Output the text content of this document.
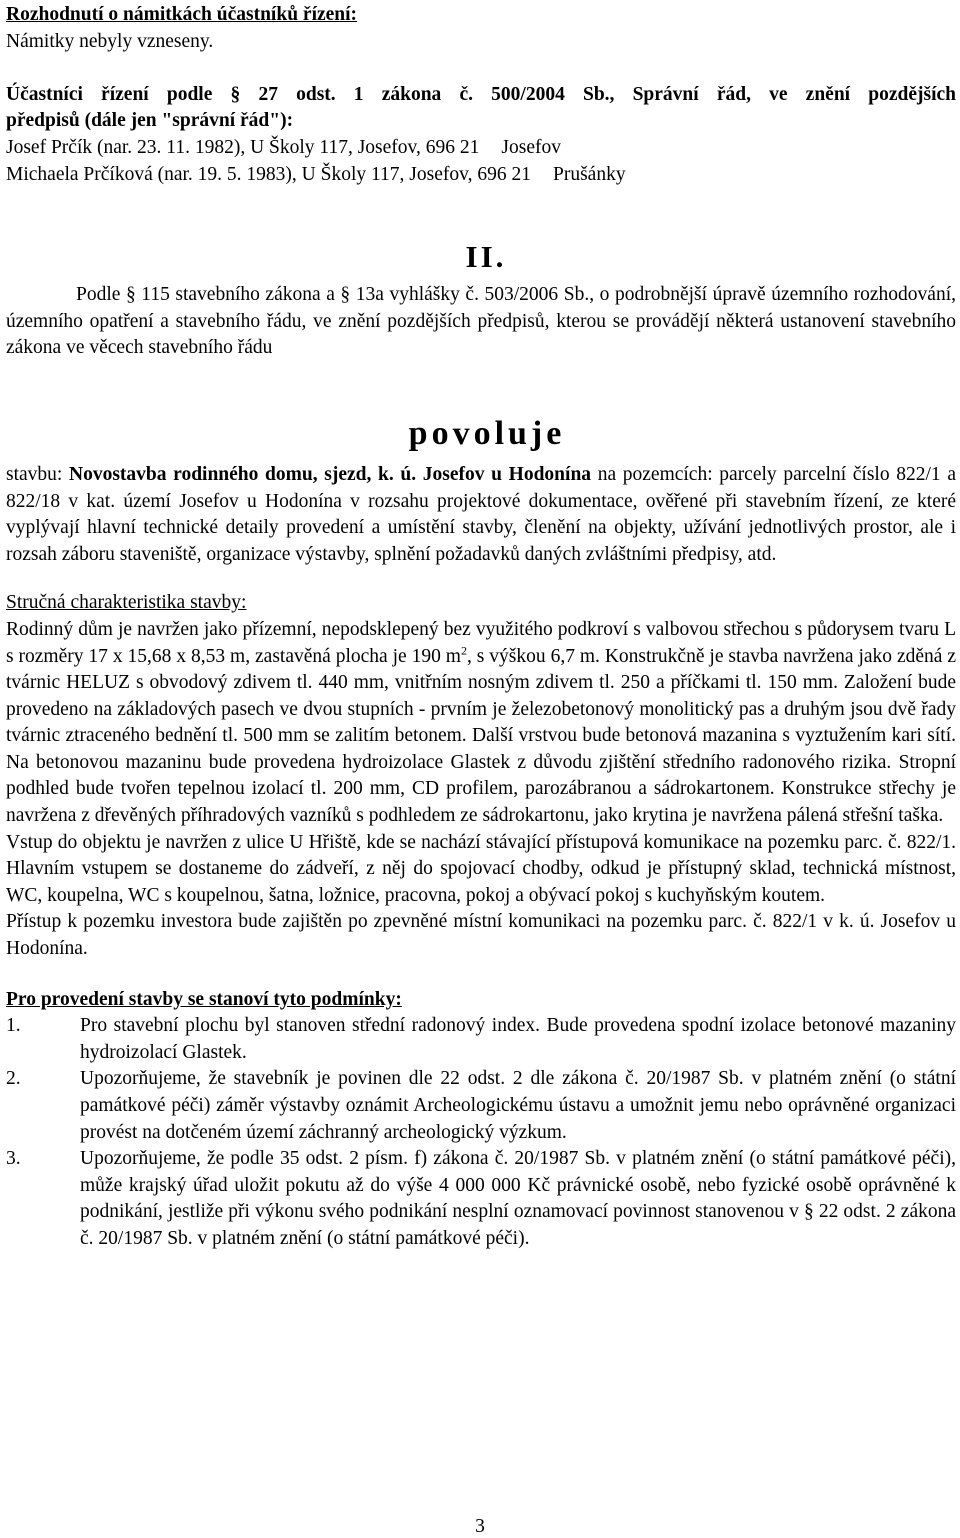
Rozhodnutí o námitkách účastníků řízení:

Námitky nebyly vzneseny.

Účastníci řízení podle § 27 odst. 1 zákona č. 500/2004 Sb., Správní řád, ve znění pozdějších

předpisů (dále jen "správní řád"):

Josef Prčík (nar. 23. 11. 1982), U Školy 117, Josefov, 696 21 Josefov

Michaela Prčíková (nar. 19. 5. 1983), U Školy 117, Josefov, 696 21 Prušánky

II.

Podle § 115 stavebního zákona a § 13a vyhlášky č. 503/2006 Sb., o podrobnější úpravě územního rozhodování, územního opatření a stavebního řádu, ve znění pozdějších předpisů, kterou se provádějí některá ustanovení stavebního zákona ve věcech stavebního řádu

povoluje

stavbu: Novostavba rodinného domu, sjezd, k. ú. Josefov u Hodonína na pozemcích: parcely parcelní číslo 822/1 a 822/18 v kat. území Josefov u Hodonína v rozsahu projektové dokumentace, ověřené při stavebním řízení, ze které vyplývají hlavní technické detaily provedení a umístění stavby, členění na objekty, užívání jednotlivých prostor, ale i rozsah záboru staveniště, organizace výstavby, splnění požadavků daných zvláštními předpisy, atd.

Stručná charakteristika stavby:

Rodinný dům je navržen jako přízemní, nepodsklepený bez využitého podkroví s valbovou střechou s půdorysem tvaru L s rozměry 17 x 15,68 x 8,53 m, zastavěná plocha je 190 $m^2$, s výškou 6,7 m. Konstrukčně je stavba navržena jako zděná z tvárnic HELUZ s obvodový zdivem tl. 440 mm, vnitřním nosným zdivem tl. 250 a příčkami tl. 150 mm. Založení bude provedeno na základových pasech ve dvou stupních - prvním je železobetonový monolitický pas a druhým jsou dvě řady tvárnic ztraceného bednění tl. 500 mm se zalitím betonem. Další vrstvou bude betonová mazanina s vyztužením kari sítí. Na betonovou mazaninu bude provedena hydroizolace Glastek z důvodu zjištění středního radonového rizika. Stropní podhled bude tvořen tepelnou izolací tl. 200 mm, CD profilem, parozábranou a sádrokartonem. Konstrukce střechy je navržena z dřevěných příhradových vazníků s podhledem ze sádrokartonu, jako krytina je navržena pálená střešní taška.

Vstup do objektu je navržen z ulice U Hřiště, kde se nachází stávající přístupová komunikace na pozemku parc. č. 822/1. Hlavním vstupem se dostaneme do zádveří, z něj do spojovací chodby, odkud je přístupný sklad, technická místnost, WC, koupelna, WC s koupelnou, šatna, ložnice, pracovna, pokoj a obývací pokoj s kuchyňským koutem.

Přístup k pozemku investora bude zajištěn po zpevněné místní komunikaci na pozemku parc. č. 822/1 v k. ú. Josefov u Hodonína.

Pro provedení stavby se stanoví tyto podmínky:

1.	Pro stavební plochu byl stanoven střední radonový index. Bude provedena spodní izolace betonové mazaniny hydroizolací Glastek.
2.	Upozorňujeme, že stavebník je povinen dle 22 odst. 2 dle zákona č. 20/1987 Sb. v platném znění (o státní památkové péči) záměr výstavby oznámit Archeologickému ústavu a umožnit jemu nebo oprávněné organizaci provést na dotčeném území záchranný archeologický výzkum.
3.	Upozorňujeme, že podle 35 odst. 2 písm. f) zákona č. 20/1987 Sb. v platném znění (o státní památkové péči), může krajský úřad uložit pokutu až do výše 4 000 000 Kč právnické osobě, nebo fyzické osobě oprávněné k podnikání, jestliže při výkonu svého podnikání nesplní oznamovací povinnost stanovenou v § 22 odst. 2 zákona č. 20/1987 Sb. v platném znění (o státní památkové péči).
3
